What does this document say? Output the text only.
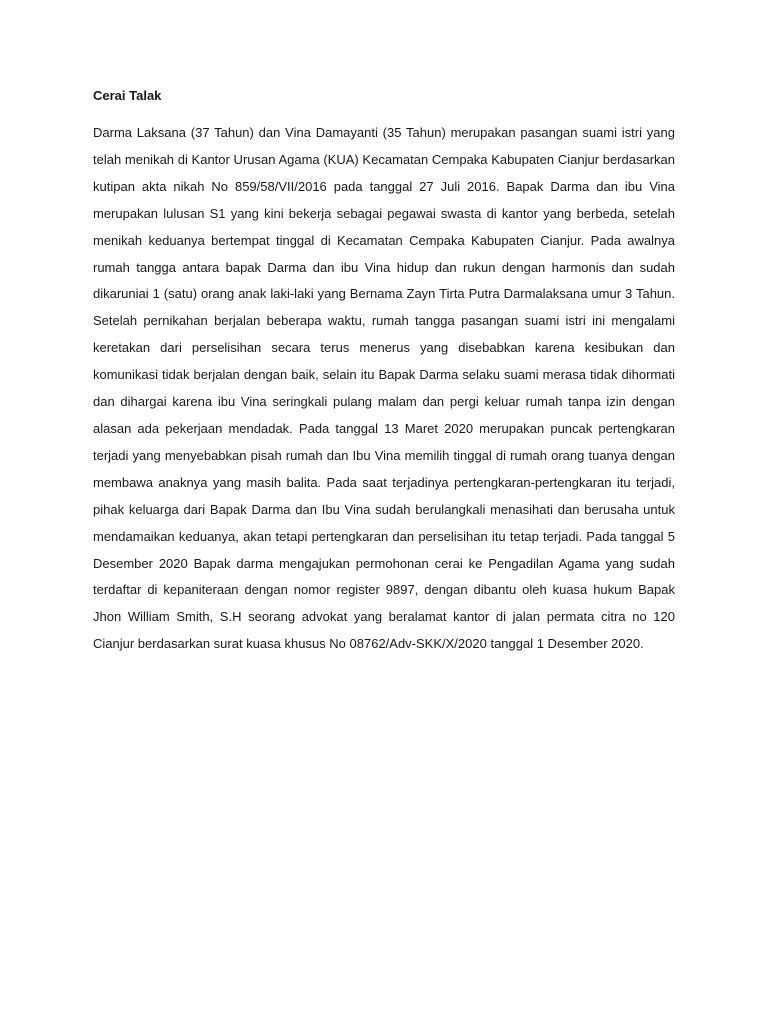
Cerai Talak

Darma Laksana (37 Tahun) dan Vina Damayanti (35 Tahun) merupakan pasangan suami istri yang telah menikah di Kantor Urusan Agama (KUA) Kecamatan Cempaka Kabupaten Cianjur berdasarkan kutipan akta nikah No 859/58/VII/2016 pada tanggal 27 Juli 2016. Bapak Darma dan ibu Vina merupakan lulusan S1 yang kini bekerja sebagai pegawai swasta di kantor yang berbeda, setelah menikah keduanya bertempat tinggal di Kecamatan Cempaka Kabupaten Cianjur. Pada awalnya rumah tangga antara bapak Darma dan ibu Vina hidup dan rukun dengan harmonis dan sudah dikaruniai 1 (satu) orang anak laki-laki yang Bernama Zayn Tirta Putra Darmalaksana umur 3 Tahun. Setelah pernikahan berjalan beberapa waktu, rumah tangga pasangan suami istri ini mengalami keretakan dari perselisihan secara terus menerus yang disebabkan karena kesibukan dan komunikasi tidak berjalan dengan baik, selain itu Bapak Darma selaku suami merasa tidak dihormati dan dihargai karena ibu Vina seringkali pulang malam dan pergi keluar rumah tanpa izin dengan alasan ada pekerjaan mendadak. Pada tanggal 13 Maret 2020 merupakan puncak pertengkaran terjadi yang menyebabkan pisah rumah dan Ibu Vina memilih tinggal di rumah orang tuanya dengan membawa anaknya yang masih balita. Pada saat terjadinya pertengkaran-pertengkaran itu terjadi, pihak keluarga dari Bapak Darma dan Ibu Vina sudah berulangkali menasihati dan berusaha untuk mendamaikan keduanya, akan tetapi pertengkaran dan perselisihan itu tetap terjadi. Pada tanggal 5 Desember 2020 Bapak darma mengajukan permohonan cerai ke Pengadilan Agama yang sudah terdaftar di kepaniteraan dengan nomor register 9897, dengan dibantu oleh kuasa hukum Bapak Jhon William Smith, S.H seorang advokat yang beralamat kantor di jalan permata citra no 120 Cianjur berdasarkan surat kuasa khusus No 08762/Adv-SKK/X/2020 tanggal 1 Desember 2020.
